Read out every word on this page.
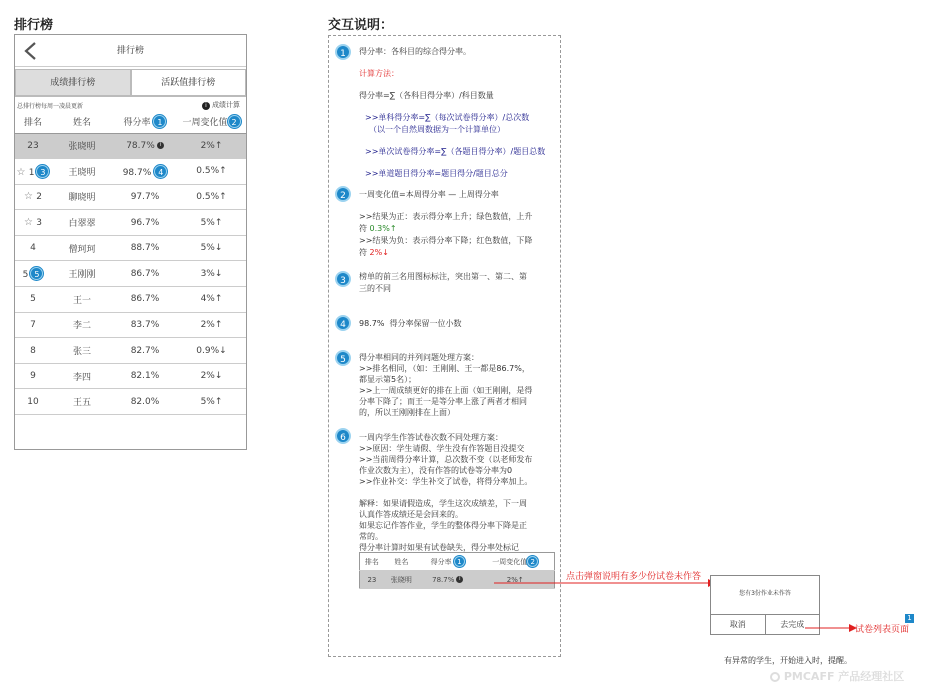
排行榜
排行榜
成绩排行榜	活跃值排行榜
总排行榜每周一凌晨更新	i 成绩计算
排名	姓名	得分率 1	一周变化值 2
23	张晓明	78.7% i	2%↑
☆ 1 3	王晓明	98.7% 4	0.5%↑
☆ 2	聊晓明	97.7%	0.5%↑
☆ 3	白翠翠	96.7%	5%↑
4	僧珂珂	88.7%	5%↓
5 5	王刚刚	86.7%	3%↓
5	王一	86.7%	4%↑
7	李二	83.7%	2%↑
8	张三	82.7%	0.9%↓
9	李四	82.1%	2%↓
10	王五	82.0%	5%↑
交互说明：
1	得分率：各科目的综合得分率。
计算方法：
得分率=∑（各科目得分率）/科目数量
>>单科得分率=∑（每次试卷得分率）/总次数
（以一个自然周数据为一个计算单位）
>>单次试卷得分率=∑（各题目得分率）/题目总数
>>单道题目得分率=题目得分/题目总分
2	一周变化值=本周得分率 — 上周得分率
>>结果为正：表示得分率上升；绿色数值，上升
符 0.3%↑
>>结果为负：表示得分率下降；红色数值，下降
符 2%↓
3	榜单的前三名用图标标注，突出第一、第二、第
三的不同
4	98.7%  得分率保留一位小数
5	得分率相同的并列问题处理方案：
>>排名相同，（如：王刚刚、王一都是86.7%，
都显示第5名）；
>>上一周成绩更好的排在上面（如王刚刚，是得
分率下降了；而王一是等分率上涨了两者才相同
的，所以王刚刚排在上面）
6	一周内学生作答试卷次数不同处理方案：
>>原因：学生请假、学生没有作答题目没提交
>>当前周得分率计算，总次数不变（以老师发布
作业次数为主），没有作答的试卷等分率为0
>>作业补交：学生补交了试卷，将得分率加上。

解释：如果请假造成，学生这次成绩差，下一周
认真作答成绩还是会回来的。
如果忘记作答作业，学生的整体得分率下降是正
常的。
得分率计算时如果有试卷缺失，得分率处标记
排名	姓名	得分率 1	一周变化值 2
23	张晓明	78.7% i	2%↑	点击弹窗说明有多少份试卷未作答
您有3份作业未作答
取消	去完成
试卷列表页面
1
有异常的学生，开始进入时，提醒。
PMCAFF 产品经理社区
